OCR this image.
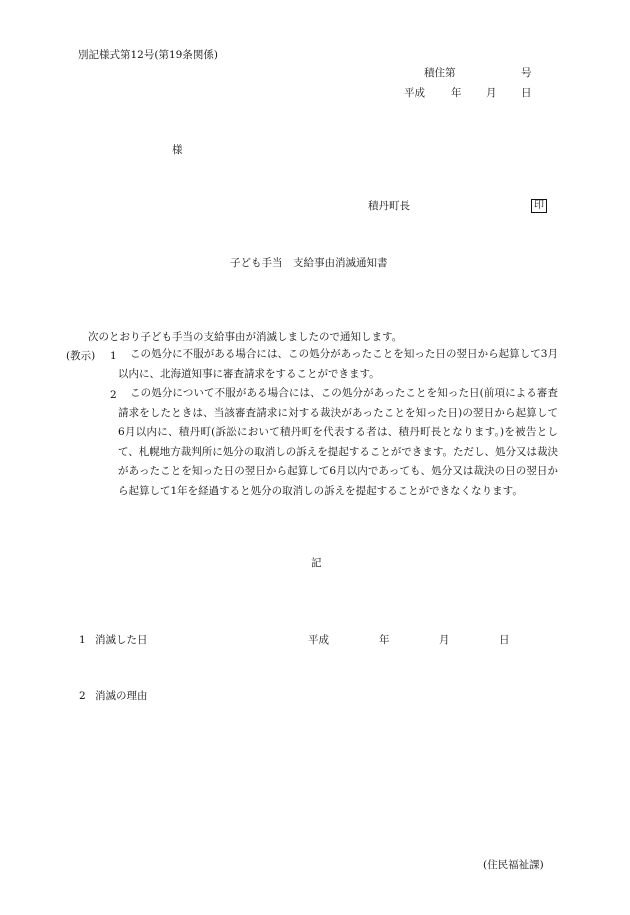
別記様式第12号(第19条関係)
積住第	号
平成 年 月 日
様
積丹町長	印
子ども手当　支給事由消滅通知書
次のとおり子ども手当の支給事由が消滅しましたので通知します。
(教示) 1	この処分に不服がある場合には、この処分があったことを知った日の翌日から起算して3月以内に、北海道知事に審査請求をすることができます。
2	この処分について不服がある場合には、この処分があったことを知った日(前項による審査請求をしたときは、当該審査請求に対する裁決があったことを知った日)の翌日から起算して6月以内に、積丹町(訴訟において積丹町を代表する者は、積丹町長となります。)を被告として、札幌地方裁判所に処分の取消しの訴えを提起することができます。ただし、処分又は裁決があったことを知った日の翌日から起算して6月以内であっても、処分又は裁決の日の翌日から起算して1年を経過すると処分の取消しの訴えを提起することができなくなります。
記
1 消滅した日	平成	年	月	日
2 消滅の理由
(住民福祉課)
